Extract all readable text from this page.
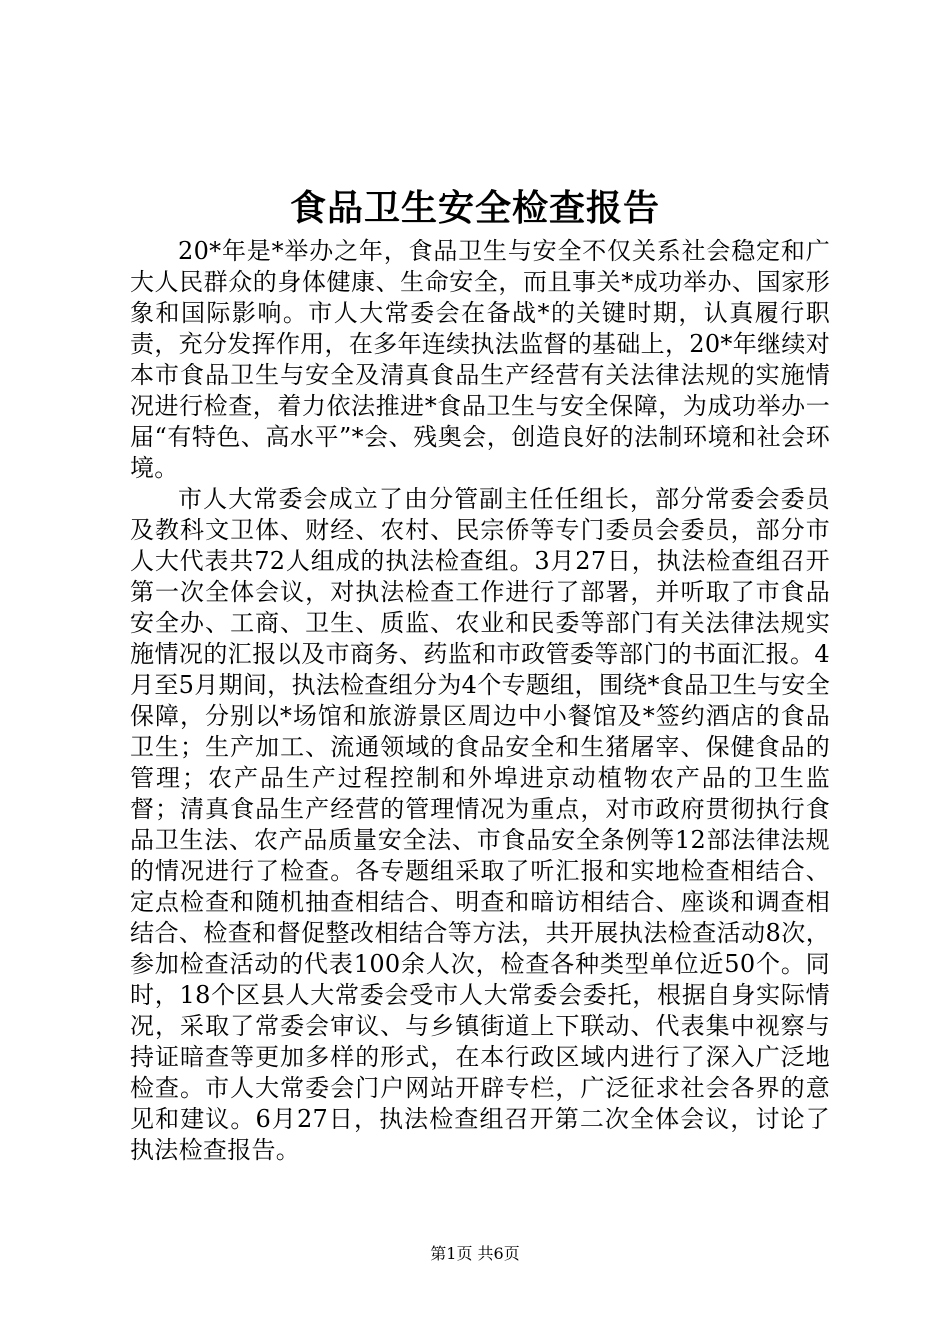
食品卫生安全检查报告

20*年是*举办之年，食品卫生与安全不仅关系社会稳定和广大人民群众的身体健康、生命安全，而且事关*成功举办、国家形象和国际影响。市人大常委会在备战*的关键时期，认真履行职责，充分发挥作用，在多年连续执法监督的基础上，20*年继续对本市食品卫生与安全及清真食品生产经营有关法律法规的实施情况进行检查，着力依法推进*食品卫生与安全保障，为成功举办一届“有特色、高水平”*会、残奥会，创造良好的法制环境和社会环境。

市人大常委会成立了由分管副主任任组长，部分常委会委员及教科文卫体、财经、农村、民宗侨等专门委员会委员，部分市人大代表共72人组成的执法检查组。3月27日，执法检查组召开第一次全体会议，对执法检查工作进行了部署，并听取了市食品安全办、工商、卫生、质监、农业和民委等部门有关法律法规实施情况的汇报以及市商务、药监和市政管委等部门的书面汇报。4月至5月期间，执法检查组分为4个专题组，围绕*食品卫生与安全保障，分别以*场馆和旅游景区周边中小餐馆及*签约酒店的食品卫生；生产加工、流通领域的食品安全和生猪屠宰、保健食品的管理；农产品生产过程控制和外埠进京动植物农产品的卫生监督；清真食品生产经营的管理情况为重点，对市政府贯彻执行食品卫生法、农产品质量安全法、市食品安全条例等12部法律法规的情况进行了检查。各专题组采取了听汇报和实地检查相结合、定点检查和随机抽查相结合、明查和暗访相结合、座谈和调查相结合、检查和督促整改相结合等方法，共开展执法检查活动8次，参加检查活动的代表100余人次，检查各种类型单位近50个。同时，18个区县人大常委会受市人大常委会委托，根据自身实际情况，采取了常委会审议、与乡镇街道上下联动、代表集中视察与持证暗查等更加多样的形式，在本行政区域内进行了深入广泛地检查。市人大常委会门户网站开辟专栏，广泛征求社会各界的意见和建议。6月27日，执法检查组召开第二次全体会议，讨论了执法检查报告。

第1页 共6页
